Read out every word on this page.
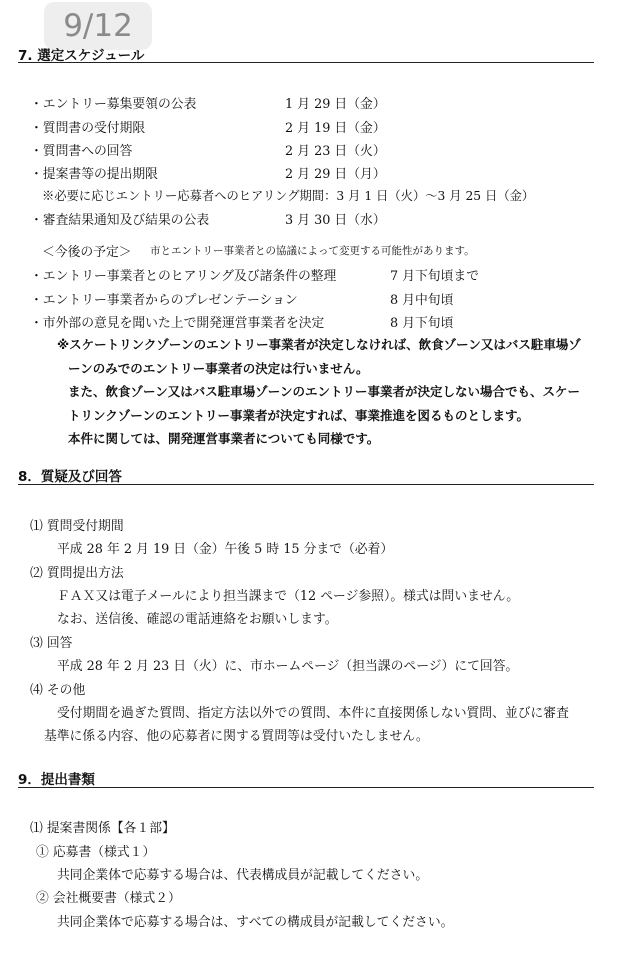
9/12
7. 選定スケジュール
・エントリー募集要領の公表	1 月 29 日（金）
・質問書の受付期限	2 月 19 日（金）
・質問書への回答	2 月 23 日（火）
・提案書等の提出期限	2 月 29 日（月）
※必要に応じエントリー応募者へのヒアリング期間：3 月 1 日（火）〜3 月 25 日（金）
・審査結果通知及び結果の公表	3 月 30 日（水）
＜今後の予定＞ 市とエントリー事業者との協議によって変更する可能性があります。
・エントリー事業者とのヒアリング及び諸条件の整理	7 月下旬頃まで
・エントリー事業者からのプレゼンテーション	8 月中旬頃
・市外部の意見を聞いた上で開発運営事業者を決定	8 月下旬頃
※スケートリンクゾーンのエントリー事業者が決定しなければ、飲食ゾーン又はバス駐車場ゾ
ーンのみでのエントリー事業者の決定は行いません。
また、飲食ゾーン又はバス駐車場ゾーンのエントリー事業者が決定しない場合でも、スケー
トリンクゾーンのエントリー事業者が決定すれば、事業推進を図るものとします。
本件に関しては、開発運営事業者についても同様です。
8．質疑及び回答
⑴ 質問受付期間
平成 28 年 2 月 19 日（金）午後 5 時 15 分まで（必着）
⑵ 質問提出方法
ＦＡＸ又は電子メールにより担当課まで（12 ページ参照）。様式は問いません。
なお、送信後、確認の電話連絡をお願いします。
⑶ 回答
平成 28 年 2 月 23 日（火）に、市ホームページ（担当課のページ）にて回答。
⑷ その他
受付期間を過ぎた質問、指定方法以外での質問、本件に直接関係しない質問、並びに審査
基準に係る内容、他の応募者に関する質問等は受付いたしません。
9．提出書類
⑴ 提案書関係【各１部】
① 応募書（様式１）
共同企業体で応募する場合は、代表構成員が記載してください。
② 会社概要書（様式２）
共同企業体で応募する場合は、すべての構成員が記載してください。
